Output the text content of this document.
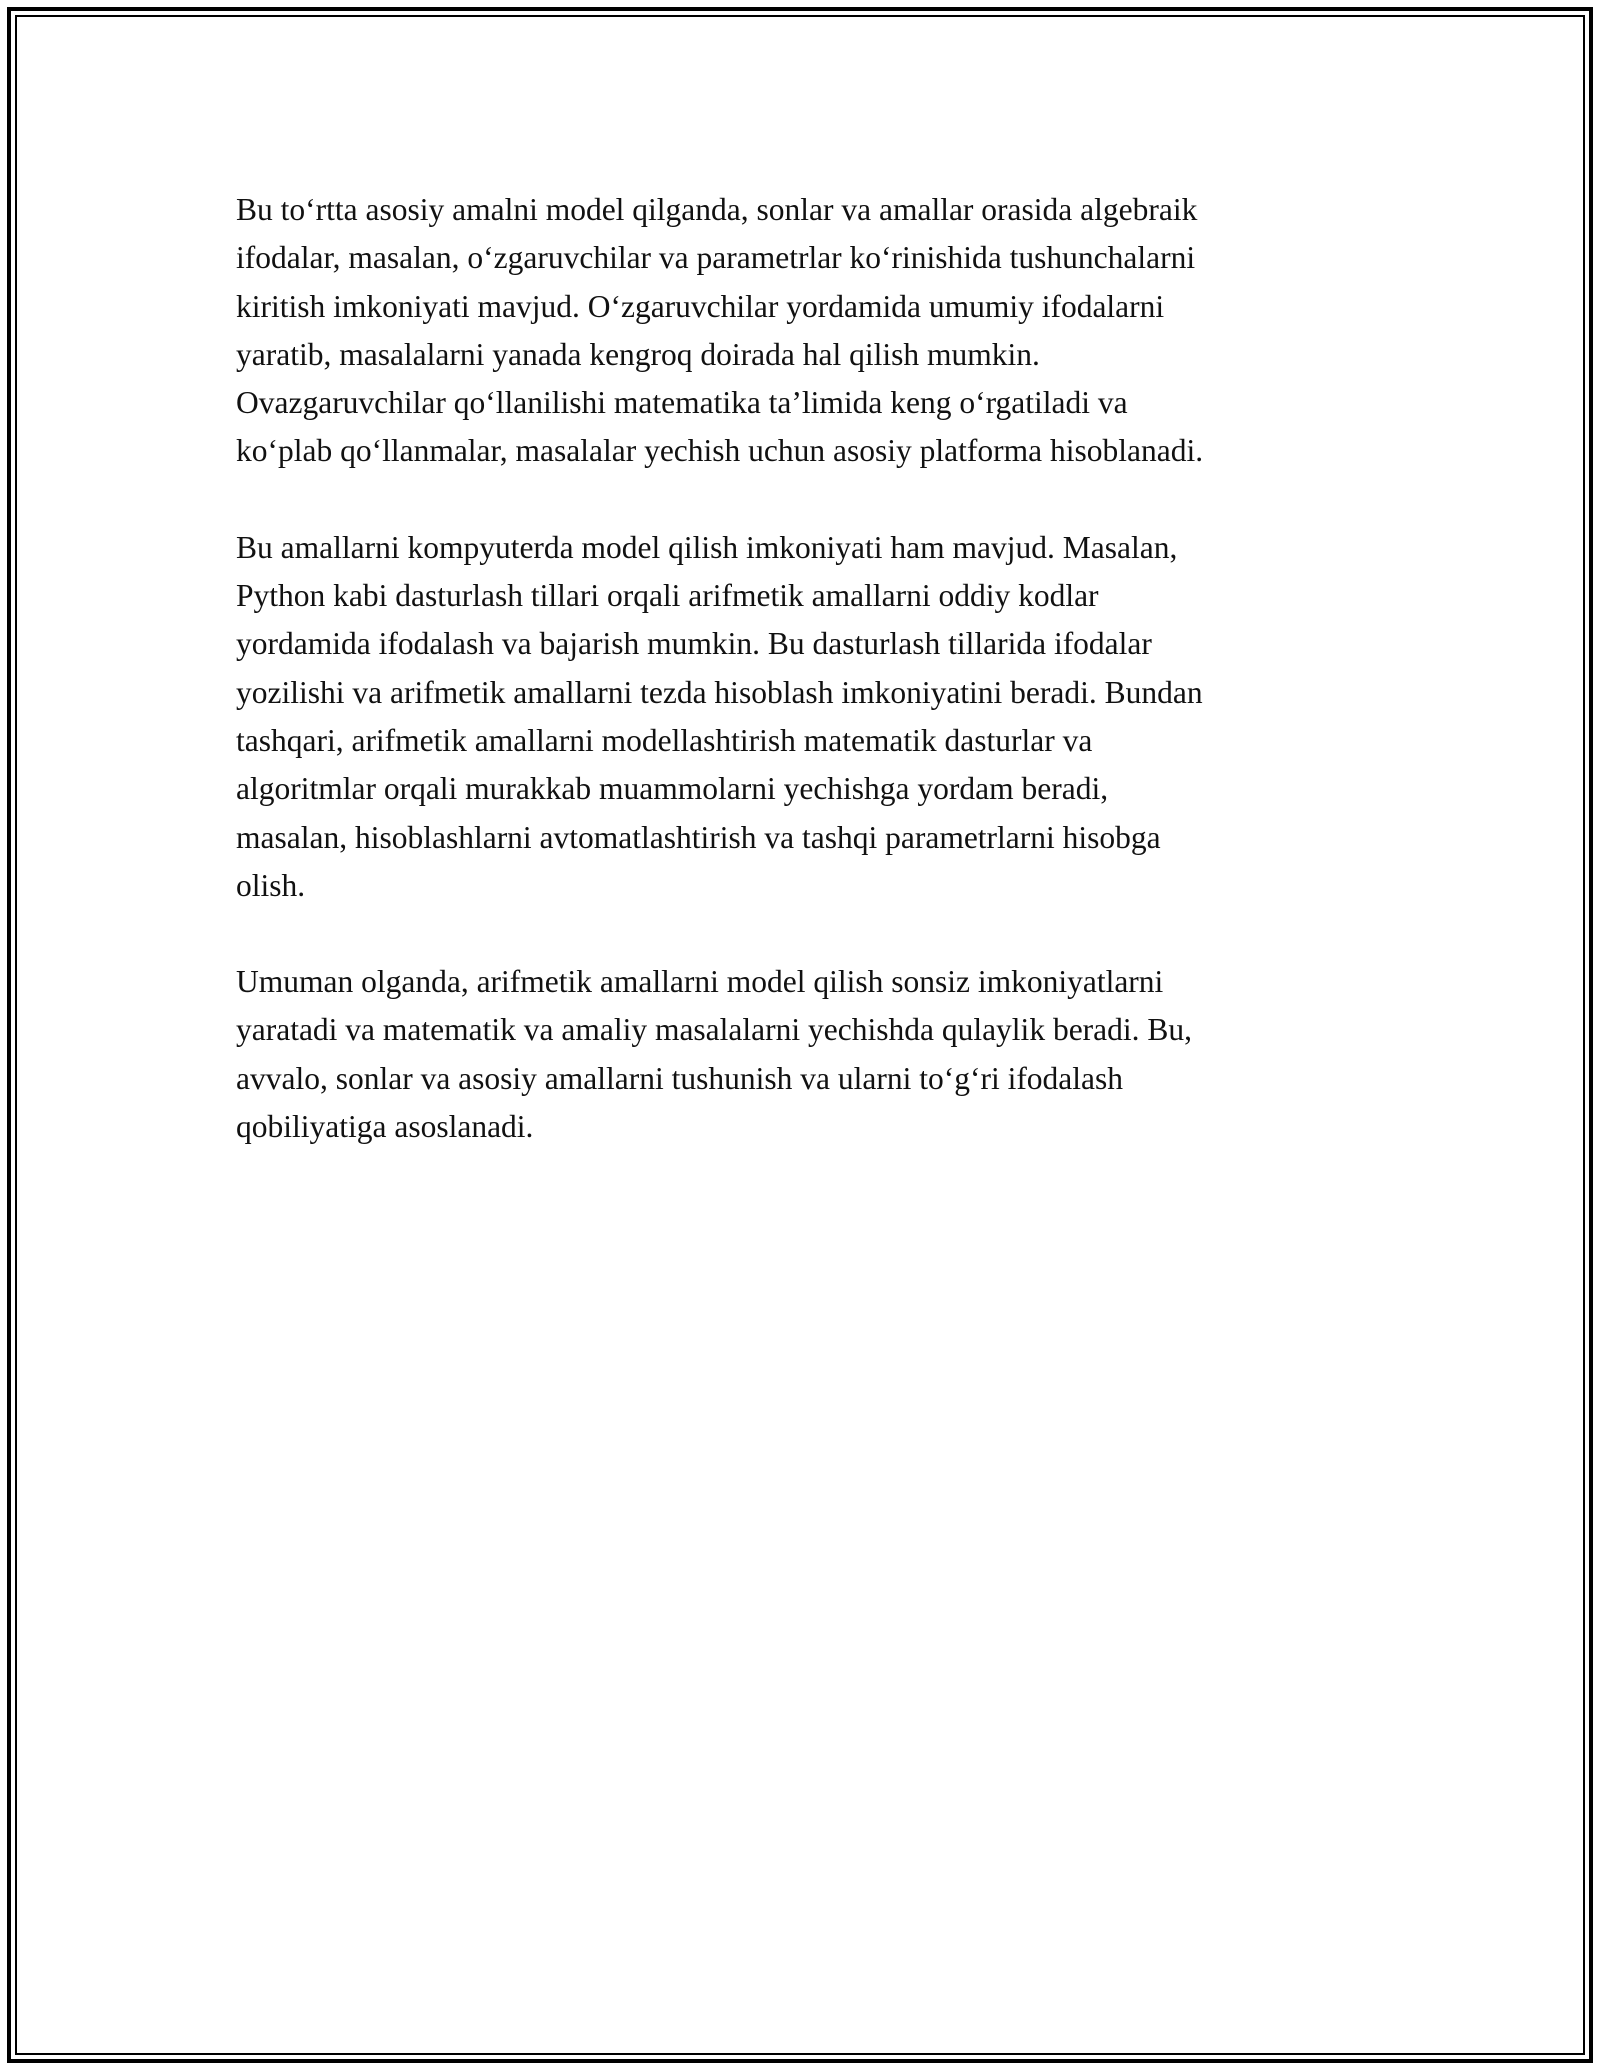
Bu to‘rtta asosiy amalni model qilganda, sonlar va amallar orasida algebraik
ifodalar, masalan, o‘zgaruvchilar va parametrlar ko‘rinishida tushunchalarni
kiritish imkoniyati mavjud. O‘zgaruvchilar yordamida umumiy ifodalarni
yaratib, masalalarni yanada kengroq doirada hal qilish mumkin.
Ovazgaruvchilar qo‘llanilishi matematika ta’limida keng o‘rgatiladi va
ko‘plab qo‘llanmalar, masalalar yechish uchun asosiy platforma hisoblanadi.

Bu amallarni kompyuterda model qilish imkoniyati ham mavjud. Masalan,
Python kabi dasturlash tillari orqali arifmetik amallarni oddiy kodlar
yordamida ifodalash va bajarish mumkin. Bu dasturlash tillarida ifodalar
yozilishi va arifmetik amallarni tezda hisoblash imkoniyatini beradi. Bundan
tashqari, arifmetik amallarni modellashtirish matematik dasturlar va
algoritmlar orqali murakkab muammolarni yechishga yordam beradi,
masalan, hisoblashlarni avtomatlashtirish va tashqi parametrlarni hisobga
olish.

Umuman olganda, arifmetik amallarni model qilish sonsiz imkoniyatlarni
yaratadi va matematik va amaliy masalalarni yechishda qulaylik beradi. Bu,
avvalo, sonlar va asosiy amallarni tushunish va ularni to‘g‘ri ifodalash
qobiliyatiga asoslanadi.
